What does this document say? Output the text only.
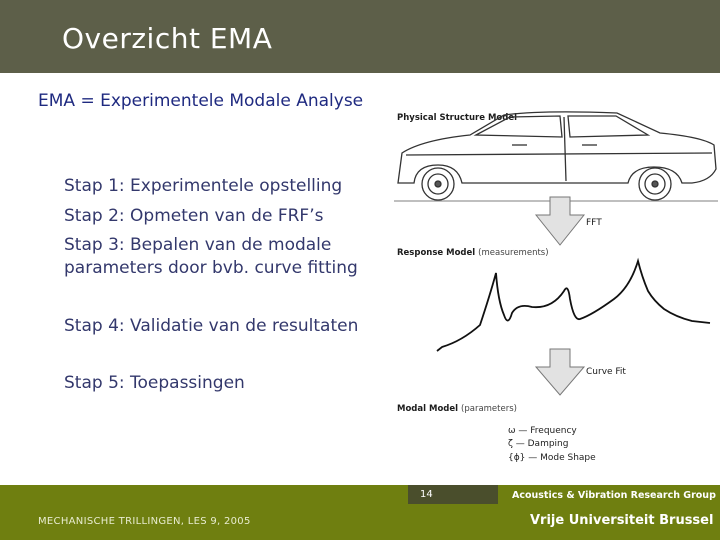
Overzicht EMA
EMA = Experimentele Modale Analyse
Stap 1: Experimentele opstelling
Stap 2: Opmeten van de FRF’s
Stap 3: Bepalen van de modale
parameters door bvb. curve fitting
Stap 4: Validatie van de resultaten
Stap 5: Toepassingen
Physical Structure Model
FFT
Response Model (measurements)
Curve Fit
Modal Model (parameters)
ω — Frequency
ζ — Damping
{ϕ} — Mode Shape
14	Acoustics & Vibration Research Group
MECHANISCHE TRILLINGEN, LES 9, 2005	Vrije Universiteit Brussel
